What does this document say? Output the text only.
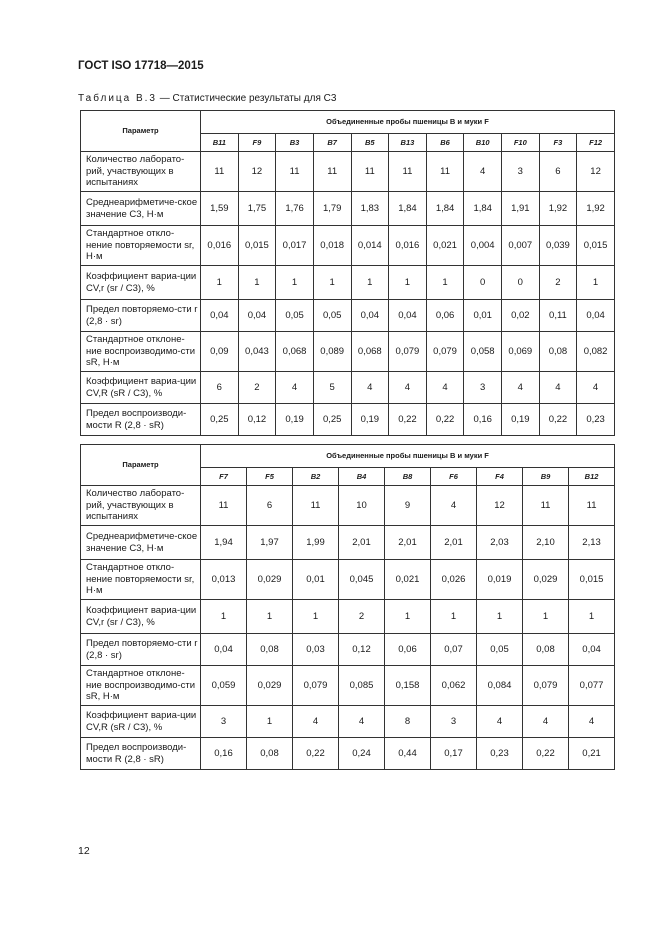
ГОСТ ISO 17718—2015
Таблица В.3 — Статистические результаты для С3
Параметр	Объединенные пробы пшеницы B и муки F										
	B11	F9	B3	B7	B5	B13	B6	B10	F10	F3	F12
Количество лаборато-рий, участвующих в испытаниях	11	12	11	11	11	11	11	4	3	6	12
Среднеарифметиче-ское значение C3, Н·м	1,59	1,75	1,76	1,79	1,83	1,84	1,84	1,84	1,91	1,92	1,92
Стандартное откло-нение повторяемости sr, Н·м	0,016	0,015	0,017	0,018	0,014	0,016	0,021	0,004	0,007	0,039	0,015
Коэффициент вариа-ции CV,r (sr / C3), %	1	1	1	1	1	1	1	0	0	2	1
Предел повторяемо-сти r (2,8 · sr)	0,04	0,04	0,05	0,05	0,04	0,04	0,06	0,01	0,02	0,11	0,04
Стандартное отклоне-ние воспроизводимо-сти sR, Н·м	0,09	0,043	0,068	0,089	0,068	0,079	0,079	0,058	0,069	0,08	0,082
Коэффициент вариа-ции CV,R (sR / C3), %	6	2	4	5	4	4	4	3	4	4	4
Предел воспроизводи-мости R (2,8 · sR)	0,25	0,12	0,19	0,25	0,19	0,22	0,22	0,16	0,19	0,22	0,23
Параметр	Объединенные пробы пшеницы B и муки F								
	F7	F5	B2	B4	B8	F6	F4	B9	B12
Количество лаборато-рий, участвующих в испытаниях	11	6	11	10	9	4	12	11	11
Среднеарифметиче-ское значение C3, Н·м	1,94	1,97	1,99	2,01	2,01	2,01	2,03	2,10	2,13
Стандартное откло-нение повторяемости sr, Н·м	0,013	0,029	0,01	0,045	0,021	0,026	0,019	0,029	0,015
Коэффициент вариа-ции CV,r (sr / C3), %	1	1	1	2	1	1	1	1	1
Предел повторяемо-сти r (2,8 · sr)	0,04	0,08	0,03	0,12	0,06	0,07	0,05	0,08	0,04
Стандартное отклоне-ние воспроизводимо-сти sR, Н·м	0,059	0,029	0,079	0,085	0,158	0,062	0,084	0,079	0,077
Коэффициент вариа-ции CV,R (sR / C3), %	3	1	4	4	8	3	4	4	4
Предел воспроизводи-мости R (2,8 · sR)	0,16	0,08	0,22	0,24	0,44	0,17	0,23	0,22	0,21
12
